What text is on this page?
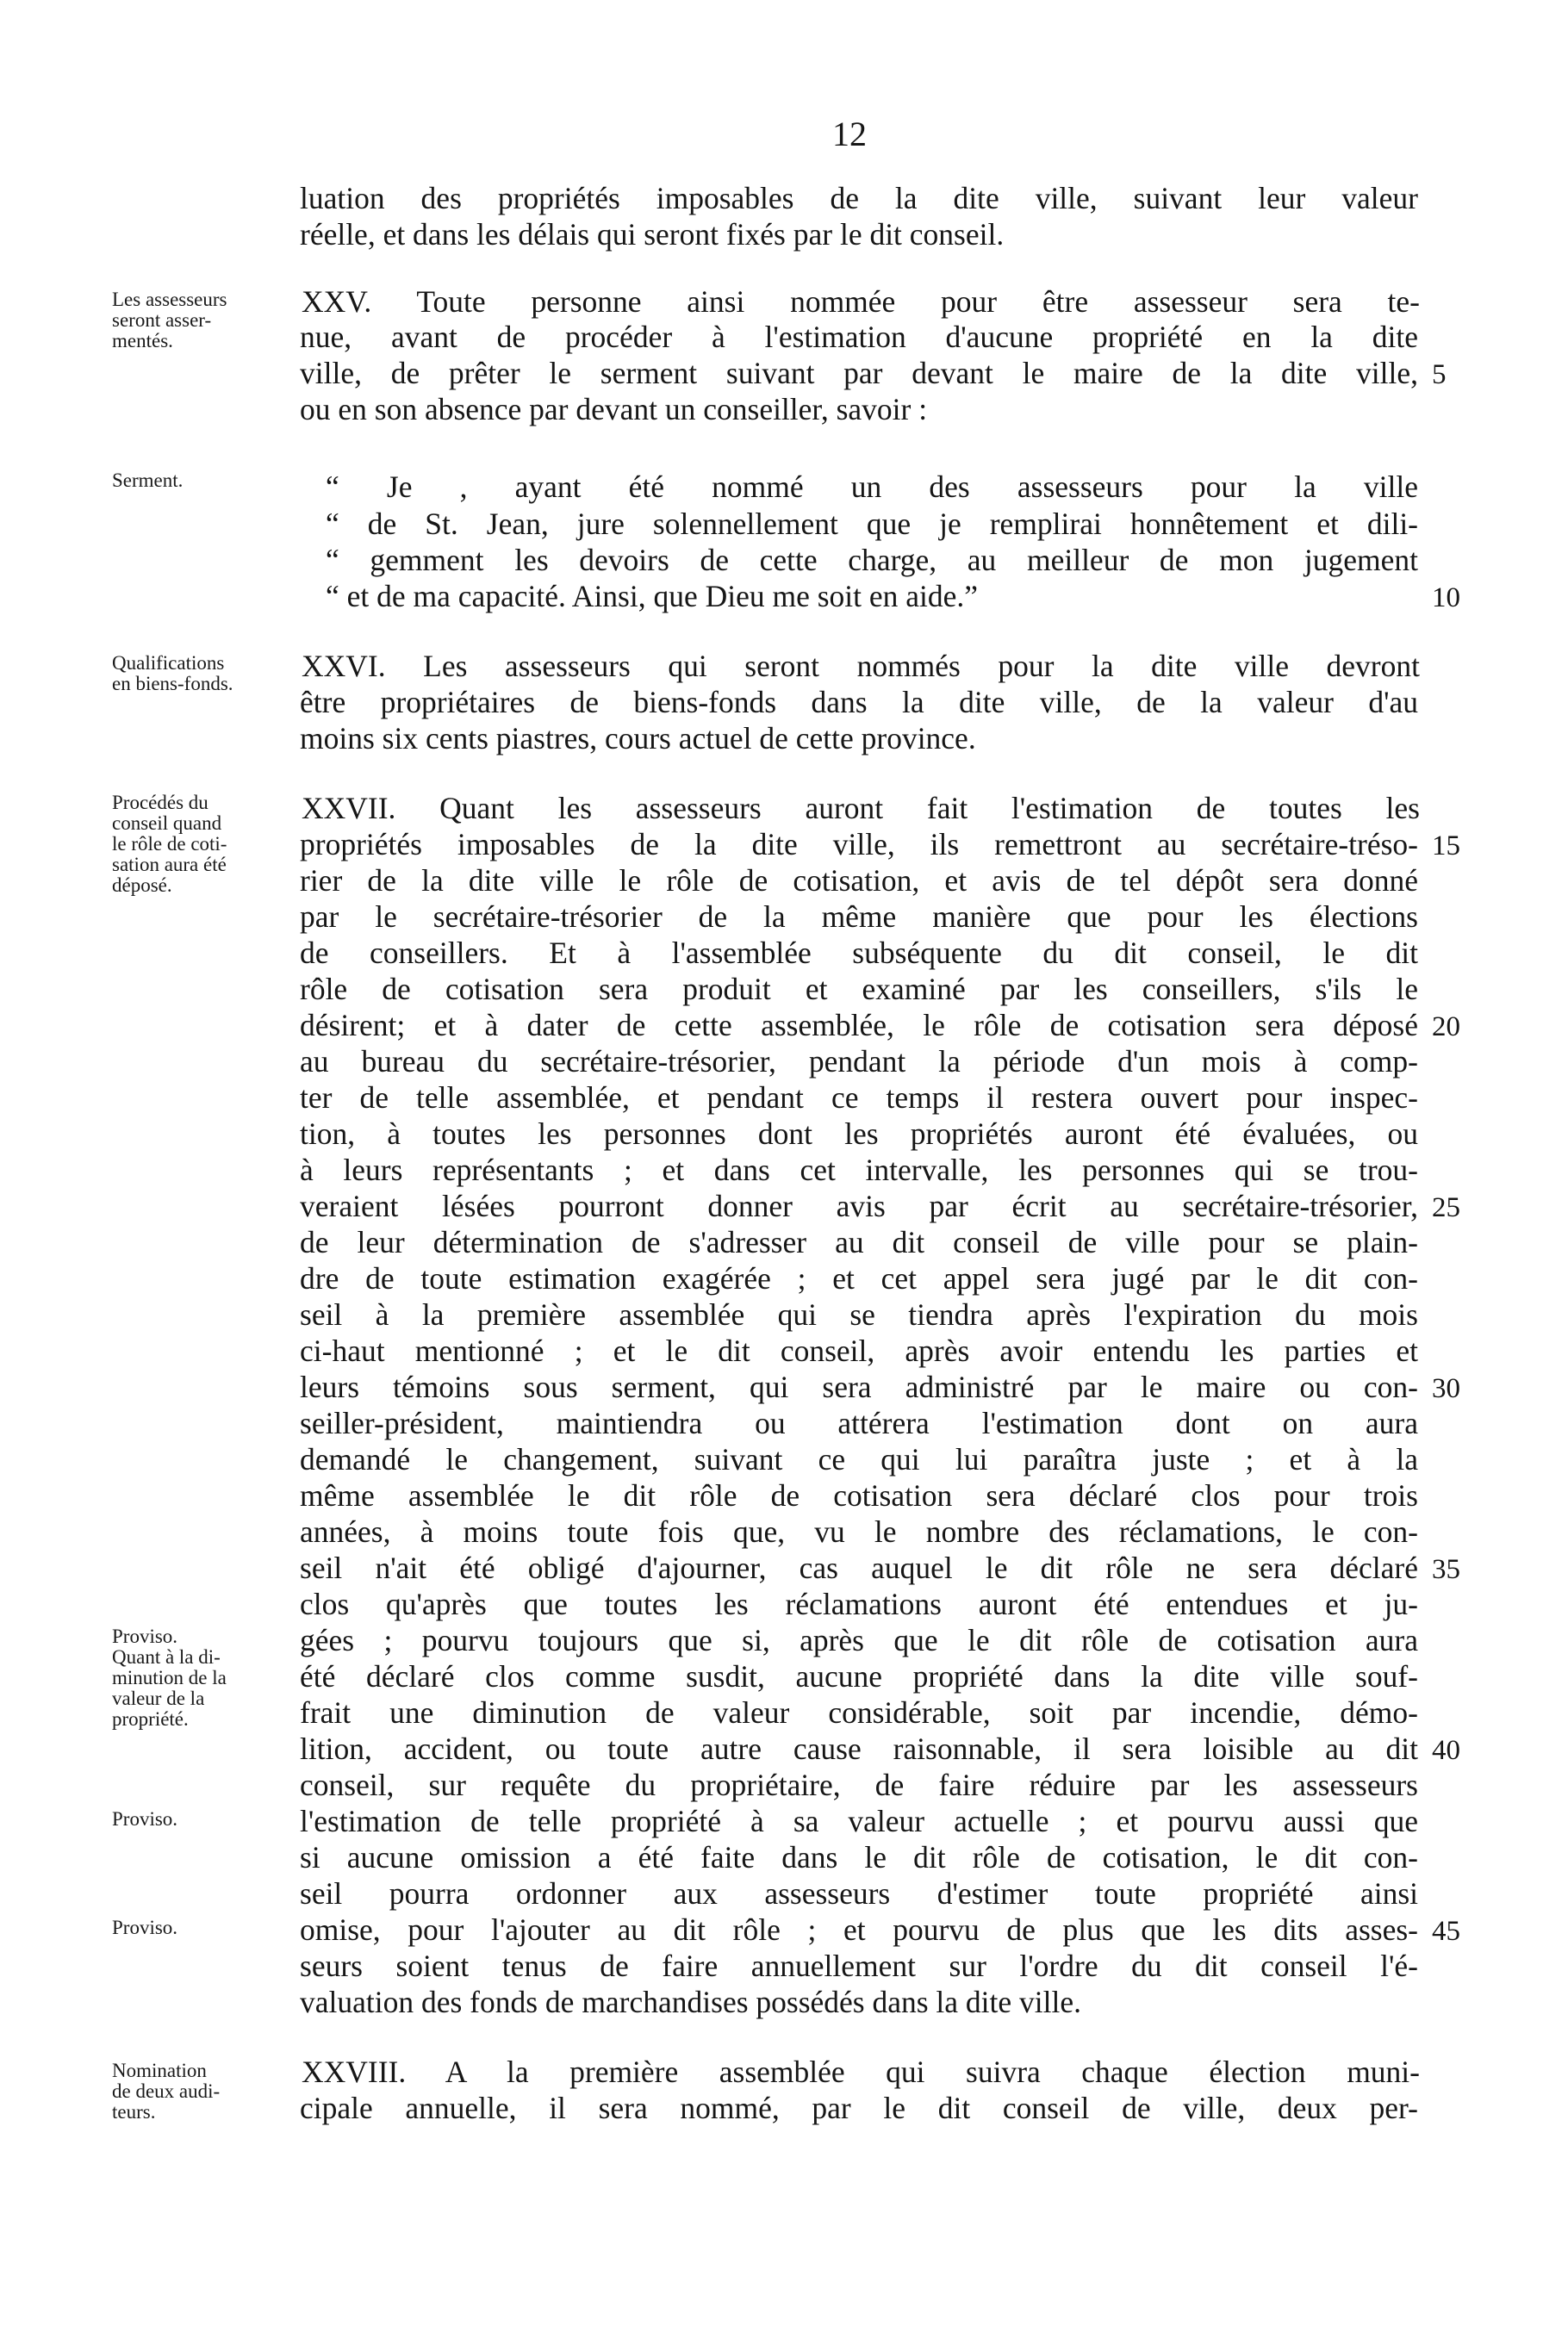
12
luation des propriétés imposables de la dite ville, suivant leur valeur
réelle, et dans les délais qui seront fixés par le dit conseil.
XXV. Toute personne ainsi nommée pour être assesseur sera te-
nue, avant de procéder à l'estimation d'aucune propriété en la dite
ville, de prêter le serment suivant par devant le maire de la dite ville,
ou en son absence par devant un conseiller, savoir :
“ Je , ayant été nommé un des assesseurs pour la ville
“ de St. Jean, jure solennellement que je remplirai honnêtement et dili-
“ gemment les devoirs de cette charge, au meilleur de mon jugement
“ et de ma capacité. Ainsi, que Dieu me soit en aide.”
XXVI. Les assesseurs qui seront nommés pour la dite ville devront
être propriétaires de biens-fonds dans la dite ville, de la valeur d'au
moins six cents piastres, cours actuel de cette province.
XXVII. Quant les assesseurs auront fait l'estimation de toutes les
propriétés imposables de la dite ville, ils remettront au secrétaire-tréso-
rier de la dite ville le rôle de cotisation, et avis de tel dépôt sera donné
par le secrétaire-trésorier de la même manière que pour les élections
de conseillers. Et à l'assemblée subséquente du dit conseil, le dit
rôle de cotisation sera produit et examiné par les conseillers, s'ils le
désirent; et à dater de cette assemblée, le rôle de cotisation sera déposé
au bureau du secrétaire-trésorier, pendant la période d'un mois à comp-
ter de telle assemblée, et pendant ce temps il restera ouvert pour inspec-
tion, à toutes les personnes dont les propriétés auront été évaluées, ou
à leurs représentants ; et dans cet intervalle, les personnes qui se trou-
veraient lésées pourront donner avis par écrit au secrétaire-trésorier,
de leur détermination de s'adresser au dit conseil de ville pour se plain-
dre de toute estimation exagérée ; et cet appel sera jugé par le dit con-
seil à la première assemblée qui se tiendra après l'expiration du mois
ci-haut mentionné ; et le dit conseil, après avoir entendu les parties et
leurs témoins sous serment, qui sera administré par le maire ou con-
seiller-président, maintiendra ou attérera l'estimation dont on aura
demandé le changement, suivant ce qui lui paraîtra juste ; et à la
même assemblée le dit rôle de cotisation sera déclaré clos pour trois
années, à moins toute fois que, vu le nombre des réclamations, le con-
seil n'ait été obligé d'ajourner, cas auquel le dit rôle ne sera déclaré
clos qu'après que toutes les réclamations auront été entendues et ju-
gées ; pourvu toujours que si, après que le dit rôle de cotisation aura
été déclaré clos comme susdit, aucune propriété dans la dite ville souf-
frait une diminution de valeur considérable, soit par incendie, démo-
lition, accident, ou toute autre cause raisonnable, il sera loisible au dit
conseil, sur requête du propriétaire, de faire réduire par les assesseurs
l'estimation de telle propriété à sa valeur actuelle ; et pourvu aussi que
si aucune omission a été faite dans le dit rôle de cotisation, le dit con-
seil pourra ordonner aux assesseurs d'estimer toute propriété ainsi
omise, pour l'ajouter au dit rôle ; et pourvu de plus que les dits asses-
seurs soient tenus de faire annuellement sur l'ordre du dit conseil l'é-
valuation des fonds de marchandises possédés dans la dite ville.
XXVIII. A la première assemblée qui suivra chaque élection muni-
cipale annuelle, il sera nommé, par le dit conseil de ville, deux per-
5
10
15
20
25
30
35
40
45
Les assesseurs
seront asser-
mentés.
Serment.
Qualifications
en biens-fonds.
Procédés du
conseil quand
le rôle de coti-
sation aura été
déposé.
Proviso.
Quant à la di-
minution de la
valeur de la
propriété.
Proviso.
Proviso.
Nomination
de deux audi-
teurs.
